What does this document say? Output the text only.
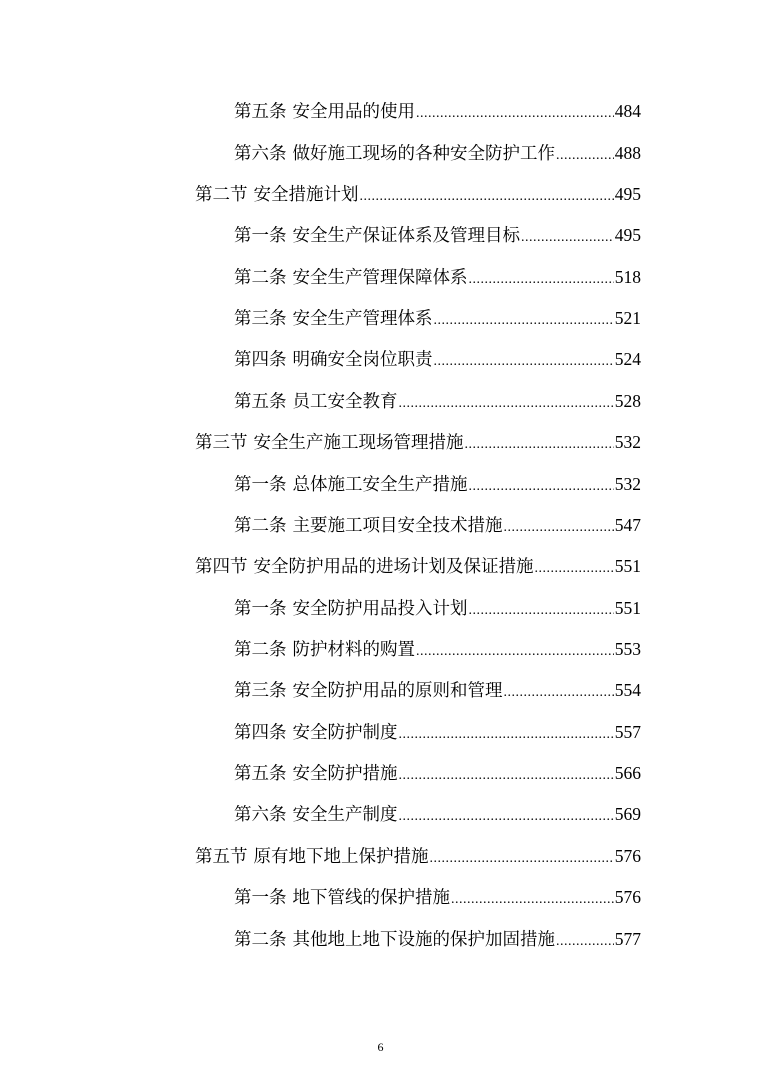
第五条 安全用品的使用 .....	484
第六条 做好施工现场的各种安全防护工作 .....	488
第二节 安全措施计划 .....	495
第一条 安全生产保证体系及管理目标 .....	495
第二条 安全生产管理保障体系 .....	518
第三条 安全生产管理体系 .....	521
第四条 明确安全岗位职责 .....	524
第五条 员工安全教育 .....	528
第三节 安全生产施工现场管理措施 .....	532
第一条 总体施工安全生产措施 .....	532
第二条 主要施工项目安全技术措施 .....	547
第四节 安全防护用品的进场计划及保证措施 .....	551
第一条 安全防护用品投入计划 .....	551
第二条 防护材料的购置 .....	553
第三条 安全防护用品的原则和管理 .....	554
第四条 安全防护制度 .....	557
第五条 安全防护措施 .....	566
第六条 安全生产制度 .....	569
第五节 原有地下地上保护措施 .....	576
第一条 地下管线的保护措施 .....	576
第二条 其他地上地下设施的保护加固措施 .....	577
6
